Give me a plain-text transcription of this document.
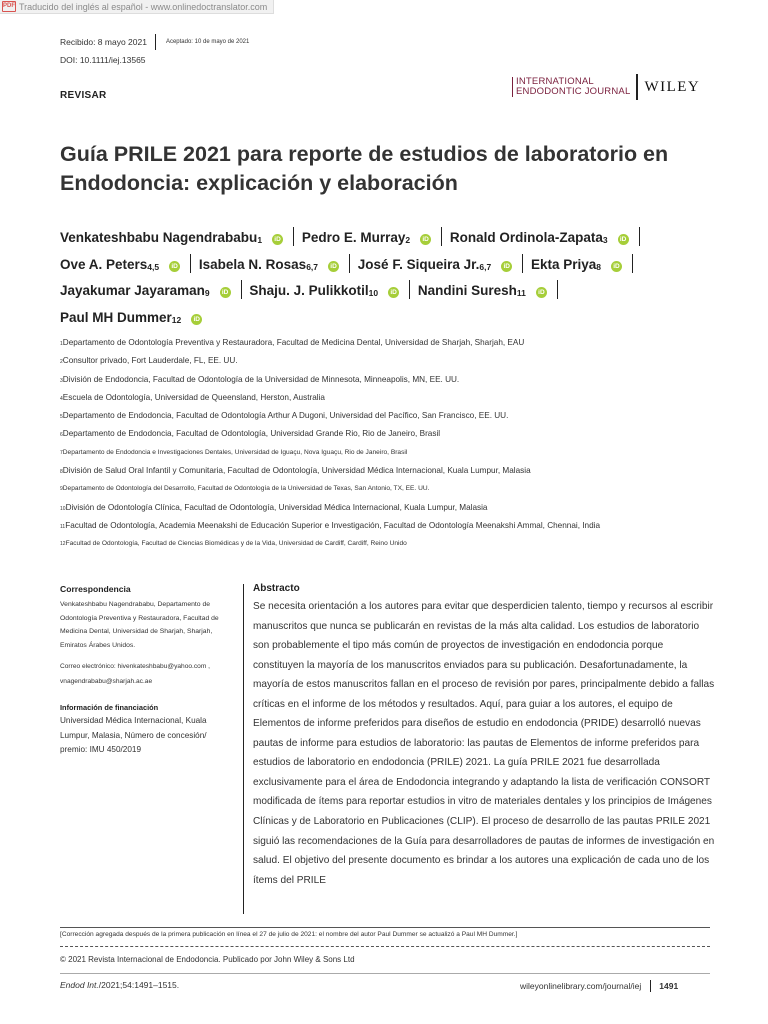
PDF Traducido del inglés al español - www.onlinedoctranslator.com
Recibido: 8 mayo 2021	Aceptado: 10 de mayo de 2021
DOI: 10.1111/iej.13565
REVISAR
INTERNATIONAL
ENDODONTIC JOURNAL WILEY
Guía PRILE 2021 para reporte de estudios de laboratorio en Endodoncia: explicación y elaboración
Venkateshbabu Nagendrababu$_1$ iD Pedro E. Murray$_2$ iD Ronald Ordinola-Zapata$_3$ iD
Ove A. Peters$_{4,5}$ iD Isabela N. Rosas$_{6,7}$ iD José F. Siqueira $Jr._{6,7}$ iD Ekta Priya$_8$ iD
Jayakumar Jayaraman$_9$ iD Shaju. J. Pulikkotil$_{10}$ iD Nandini Suresh$_{11}$ iD
Paul MH Dummer$_{12}$ iD
1Departamento de Odontología Preventiva y Restauradora, Facultad de Medicina Dental, Universidad de Sharjah, Sharjah, EAU
2Consultor privado, Fort Lauderdale, FL, EE. UU.
3División de Endodoncia, Facultad de Odontología de la Universidad de Minnesota, Minneapolis, MN, EE. UU.
4Escuela de Odontología, Universidad de Queensland, Herston, Australia
5Departamento de Endodoncia, Facultad de Odontología Arthur A Dugoni, Universidad del Pacífico, San Francisco, EE. UU.
6Departamento de Endodoncia, Facultad de Odontología, Universidad Grande Rio, Rio de Janeiro, Brasil
7Departamento de Endodoncia e Investigaciones Dentales, Universidad de Iguaçu, Nova Iguaçu, Rio de Janeiro, Brasil
8División de Salud Oral Infantil y Comunitaria, Facultad de Odontología, Universidad Médica Internacional, Kuala Lumpur, Malasia
9Departamento de Odontología del Desarrollo, Facultad de Odontología de la Universidad de Texas, San Antonio, TX, EE. UU.
10División de Odontología Clínica, Facultad de Odontología, Universidad Médica Internacional, Kuala Lumpur, Malasia
11Facultad de Odontología, Academia Meenakshi de Educación Superior e Investigación, Facultad de Odontología Meenakshi Ammal, Chennai, India
12Facultad de Odontología, Facultad de Ciencias Biomédicas y de la Vida, Universidad de Cardiff, Cardiff, Reino Unido
Correspondencia
Venkateshbabu Nagendrababu, Departamento de Odontología Preventiva y Restauradora, Facultad de Medicina Dental, Universidad de Sharjah, Sharjah, Emiratos Árabes Unidos.
Correo electrónico: hivenkateshbabu@yahoo.com , vnagendrababu@sharjah.ac.ae
Información de financiación
Universidad Médica Internacional, Kuala Lumpur, Malasia, Número de concesión/ premio: IMU 450/2019
Abstracto

Se necesita orientación a los autores para evitar que desperdicien talento, tiempo y recursos al escribir manuscritos que nunca se publicarán en revistas de la más alta calidad. Los estudios de laboratorio son probablemente el tipo más común de proyectos de investigación en endodoncia porque constituyen la mayoría de los manuscritos enviados para su publicación. Desafortunadamente, la mayoría de estos manuscritos fallan en el proceso de revisión por pares, principalmente debido a fallas críticas en el informe de los métodos y resultados. Aquí, para guiar a los autores, el equipo de Elementos de informe preferidos para diseños de estudio en endodoncia (PRIDE) desarrolló nuevas pautas de informe para estudios de laboratorio: las pautas de Elementos de informe preferidos para estudios de laboratorio en endodoncia (PRILE) 2021. La guía PRILE 2021 fue desarrollada exclusivamente para el área de Endodoncia integrando y adaptando la lista de verificación CONSORT modificada de ítems para reportar estudios in vitro de materiales dentales y los principios de Imágenes Clínicas y de Laboratorio en Publicaciones (CLIP). El proceso de desarrollo de las pautas PRILE 2021 siguió las recomendaciones de la Guía para desarrolladores de pautas de informes de investigación en salud. El objetivo del presente documento es brindar a los autores una explicación de cada uno de los ítems del PRILE

[Corrección agregada después de la primera publicación en línea el 27 de julio de 2021: el nombre del autor Paul Dummer se actualizó a Paul MH Dummer.]
© 2021 Revista Internacional de Endodoncia. Publicado por John Wiley & Sons Ltd
Endod Int./2021;54:1491–1515.	wileyonlinelibrary.com/journal/iej 1491
